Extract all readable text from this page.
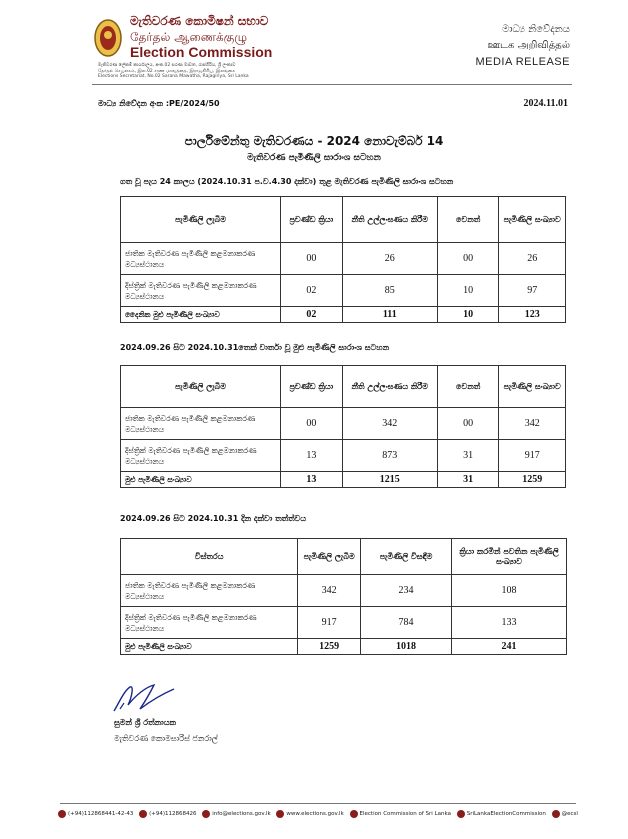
මැතිවරණ කොමිෂන් සභාව
தேர்தல் ஆணைக்குழு
Election Commission
මැතිවරණ ලේකම් කාර්යාලය, අංක.02 සරණ මාවත, රාජගිරිය, ශ්‍රී ලංකාව
தேர்தல் செயலகம், இல.02 சரண மாவத்தை, இராஜகிரிய, இலங்கை
Elections Secretariat, No.02 Sarana Mawatha, Rajagiriya, Sri Lanka
මාධ්‍ය නිවේදනය
ஊடக அறிவித்தல்
MEDIA RELEASE
මාධ්‍ය නිවේදන අංක :PE/2024/50	2024.11.01
පාර්ලිමේන්තු මැතිවරණය - 2024 නොවැම්බර් 14
මැතිවරණ පැමිණිලි සාරාංශ සටහන
ගත වූ පැය 24 කාලය (2024.10.31 ප.ව.4.30 දක්වා) තුළ මැතිවරණ පැමිණිලි සාරාංශ සටහන
පැමිණිලි ලැබීම	ප්‍රචණ්ඩ ක්‍රියා	නීති උල්ලංඝණය කිරීම	වෙනත්	පැමිණිලි සංඛ්‍යාව
ජාතික මැතිවරණ පැමිණිලි කළමනාකරණ මධ්‍යස්ථානය	00	26	00	26
දිස්ත්‍රික් මැතිවරණ පැමිණිලි කළමනාකරණ මධ්‍යස්ථානය	02	85	10	97
දෛනික මුළු පැමිණිලි සංඛ්‍යාව	02	111	10	123
2024.09.26 සිට 2024.10.31තෙක් වාර්තා වූ මුළු පැමිණිලි සාරාංශ සටහන
පැමිණිලි ලැබීම	ප්‍රචණ්ඩ ක්‍රියා	නීති උල්ලංඝණය කිරීම	වෙනත්	පැමිණිලි සංඛ්‍යාව
ජාතික මැතිවරණ පැමිණිලි කළමනාකරණ මධ්‍යස්ථානය	00	342	00	342
දිස්ත්‍රික් මැතිවරණ පැමිණිලි කළමනාකරණ මධ්‍යස්ථානය	13	873	31	917
මුළු පැමිණිලි සංඛ්‍යාව	13	1215	31	1259
2024.09.26 සිට 2024.10.31 දින දක්වා තත්ත්වය
විස්තරය	පැමිණිලි ලැබීම	පැමිණිලි විසඳීම	ක්‍රියා කරමින් පවතින පැමිණිලි සංඛ්‍යාව
ජාතික මැතිවරණ පැමිණිලි කළමනාකරණ මධ්‍යස්ථානය	342	234	108
දිස්ත්‍රික් මැතිවරණ පැමිණිලි කළමනාකරණ මධ්‍යස්ථානය	917	784	133
මුළු පැමිණිලි සංඛ්‍යාව	1259	1018	241
සුමන් ශ්‍රී රත්නායක
මැතිවරණ කොමසාරිස් ජනරාල්
(+94)112868441-42-43	(+94)112868426	info@elections.gov.lk	www.elections.gov.lk	Election Commission of Sri Lanka	SriLankaElectionCommission	@ecsl
